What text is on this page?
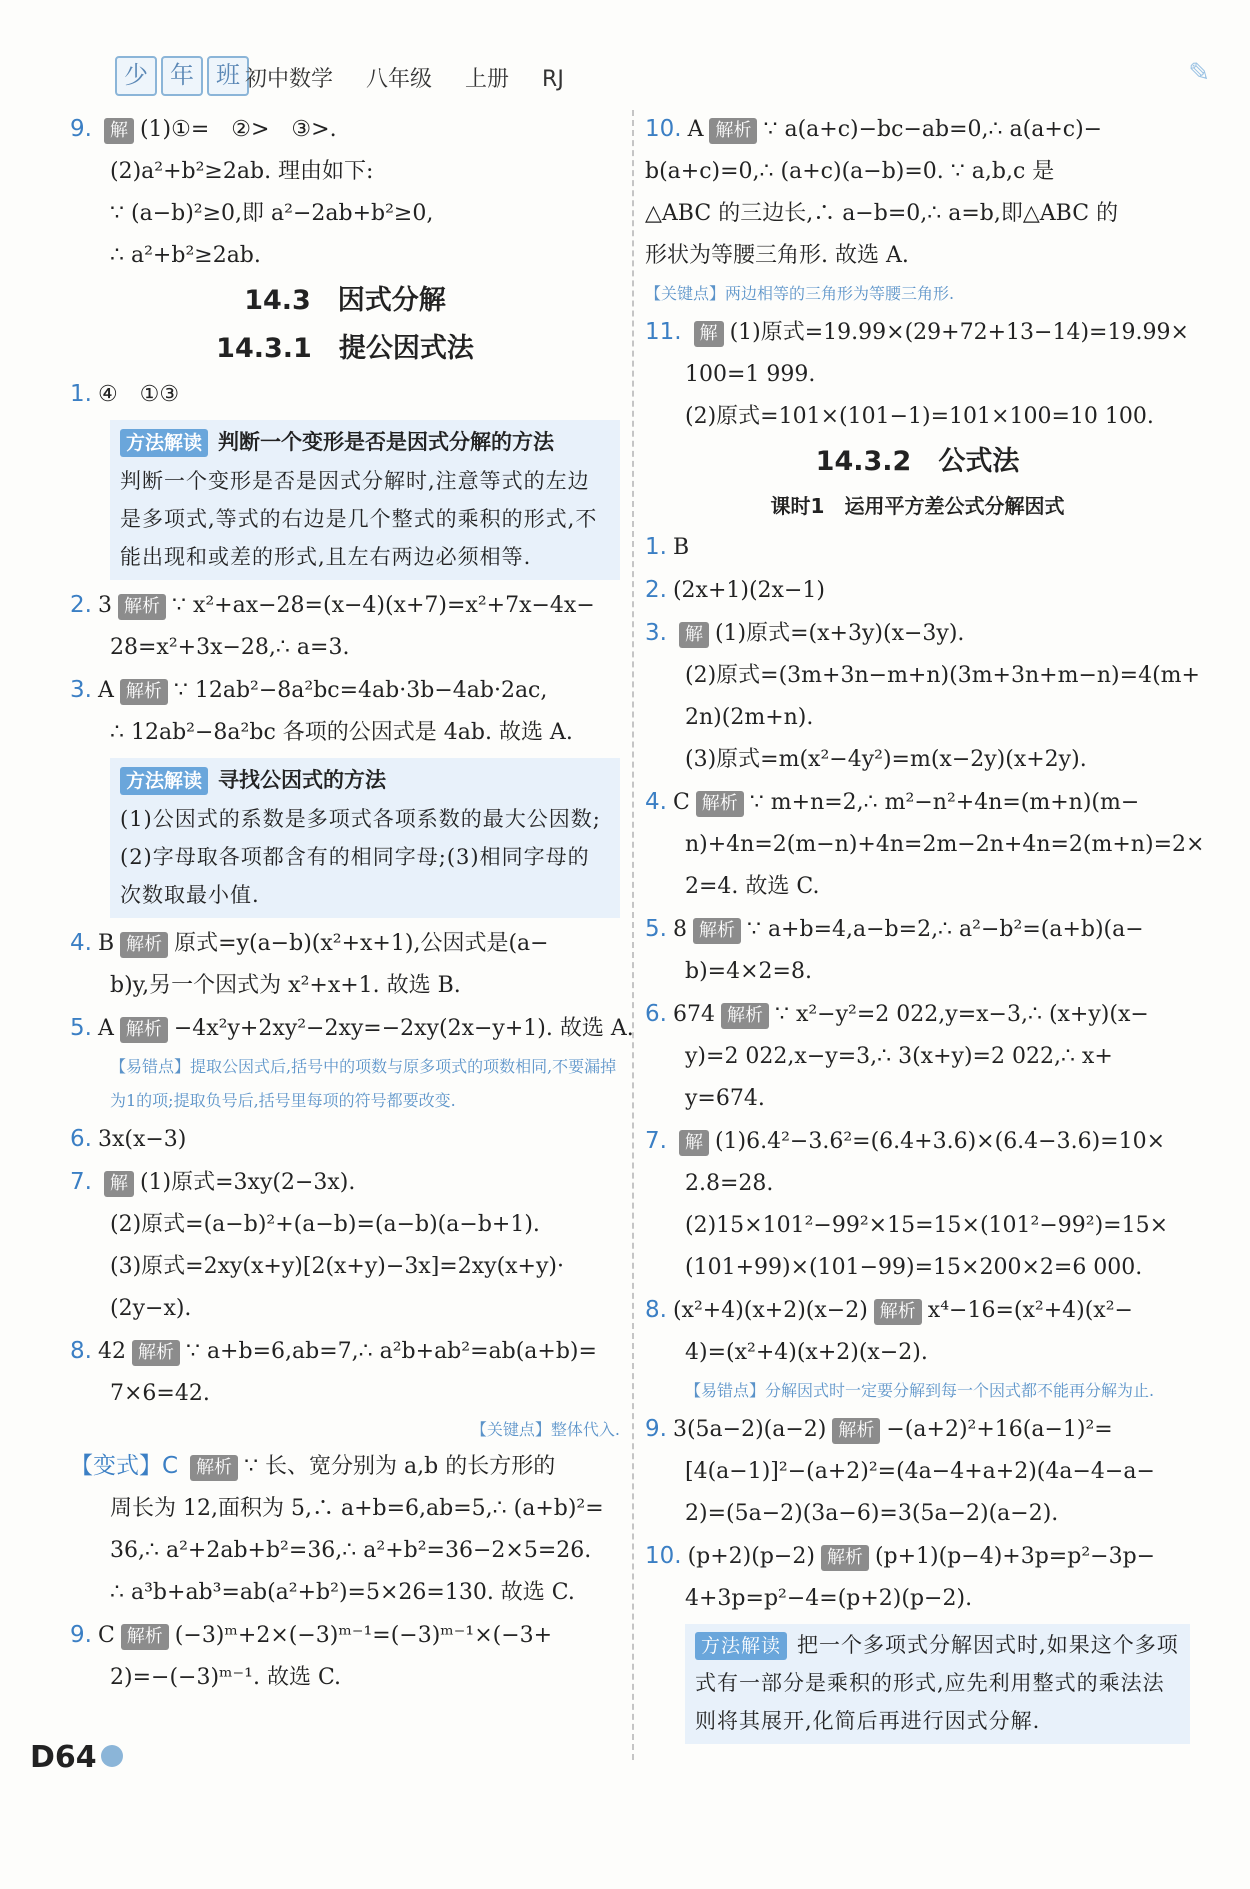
少 年 班 初中数学 八年级 上册 RJ	✎
9. 解 (1)①=　②>　③>.
(2)a²+b²≥2ab. 理由如下:
∵ (a−b)²≥0,即 a²−2ab+b²≥0,
∴ a²+b²≥2ab.
14.3　因式分解
14.3.1　提公因式法
1. ④　①③
方法解读 判断一个变形是否是因式分解的方法

判断一个变形是否是因式分解时,注意等式的左边是多项式,等式的右边是几个整式的乘积的形式,不能出现和或差的形式,且左右两边必须相等.

2. 3 解析 ∵ x²+ax−28=(x−4)(x+7)=x²+7x−4x−
28=x²+3x−28,∴ a=3.
3. A 解析 ∵ 12ab²−8a²bc=4ab·3b−4ab·2ac,
∴ 12ab²−8a²bc 各项的公因式是 4ab. 故选 A.
方法解读 寻找公因式的方法

(1)公因式的系数是多项式各项系数的最大公因数;(2)字母取各项都含有的相同字母;(3)相同字母的次数取最小值.

4. B 解析 原式=y(a−b)(x²+x+1),公因式是(a−
b)y,另一个因式为 x²+x+1. 故选 B.
5. A 解析 −4x²y+2xy²−2xy=−2xy(2x−y+1). 故选 A.
【易错点】提取公因式后,括号中的项数与原多项式的项数相同,不要漏掉为1的项;提取负号后,括号里每项的符号都要改变.
6. 3x(x−3)
7. 解 (1)原式=3xy(2−3x).
(2)原式=(a−b)²+(a−b)=(a−b)(a−b+1).
(3)原式=2xy(x+y)[2(x+y)−3x]=2xy(x+y)·
(2y−x).
8. 42 解析 ∵ a+b=6,ab=7,∴ a²b+ab²=ab(a+b)=
7×6=42.
【关键点】整体代入.
【变式】C 解析 ∵ 长、宽分别为 a,b 的长方形的
周长为 12,面积为 5,∴ a+b=6,ab=5,∴ (a+b)²=
36,∴ a²+2ab+b²=36,∴ a²+b²=36−2×5=26.
∴ a³b+ab³=ab(a²+b²)=5×26=130. 故选 C.
9. C 解析 (−3)ᵐ+2×(−3)ᵐ⁻¹=(−3)ᵐ⁻¹×(−3+
2)=−(−3)ᵐ⁻¹. 故选 C.
10. A 解析 ∵ a(a+c)−bc−ab=0,∴ a(a+c)−
b(a+c)=0,∴ (a+c)(a−b)=0. ∵ a,b,c 是
△ABC 的三边长,∴ a−b=0,∴ a=b,即△ABC 的
形状为等腰三角形. 故选 A.
【关键点】两边相等的三角形为等腰三角形.
11. 解 (1)原式=19.99×(29+72+13−14)=19.99×
100=1 999.
(2)原式=101×(101−1)=101×100=10 100.
14.3.2　公式法
课时1　运用平方差公式分解因式
1. B
2. (2x+1)(2x−1)
3. 解 (1)原式=(x+3y)(x−3y).
(2)原式=(3m+3n−m+n)(3m+3n+m−n)=4(m+
2n)(2m+n).
(3)原式=m(x²−4y²)=m(x−2y)(x+2y).
4. C 解析 ∵ m+n=2,∴ m²−n²+4n=(m+n)(m−
n)+4n=2(m−n)+4n=2m−2n+4n=2(m+n)=2×
2=4. 故选 C.
5. 8 解析 ∵ a+b=4,a−b=2,∴ a²−b²=(a+b)(a−
b)=4×2=8.
6. 674 解析 ∵ x²−y²=2 022,y=x−3,∴ (x+y)(x−
y)=2 022,x−y=3,∴ 3(x+y)=2 022,∴ x+
y=674.
7. 解 (1)6.4²−3.6²=(6.4+3.6)×(6.4−3.6)=10×
2.8=28.
(2)15×101²−99²×15=15×(101²−99²)=15×
(101+99)×(101−99)=15×200×2=6 000.
8. (x²+4)(x+2)(x−2) 解析 x⁴−16=(x²+4)(x²−
4)=(x²+4)(x+2)(x−2).
【易错点】分解因式时一定要分解到每一个因式都不能再分解为止.
9. 3(5a−2)(a−2) 解析 −(a+2)²+16(a−1)²=
[4(a−1)]²−(a+2)²=(4a−4+a+2)(4a−4−a−
2)=(5a−2)(3a−6)=3(5a−2)(a−2).
10. (p+2)(p−2) 解析 (p+1)(p−4)+3p=p²−3p−
4+3p=p²−4=(p+2)(p−2).

方法解读 把一个多项式分解因式时,如果这个多项式有一部分是乘积的形式,应先利用整式的乘法法则将其展开,化简后再进行因式分解.

D64
